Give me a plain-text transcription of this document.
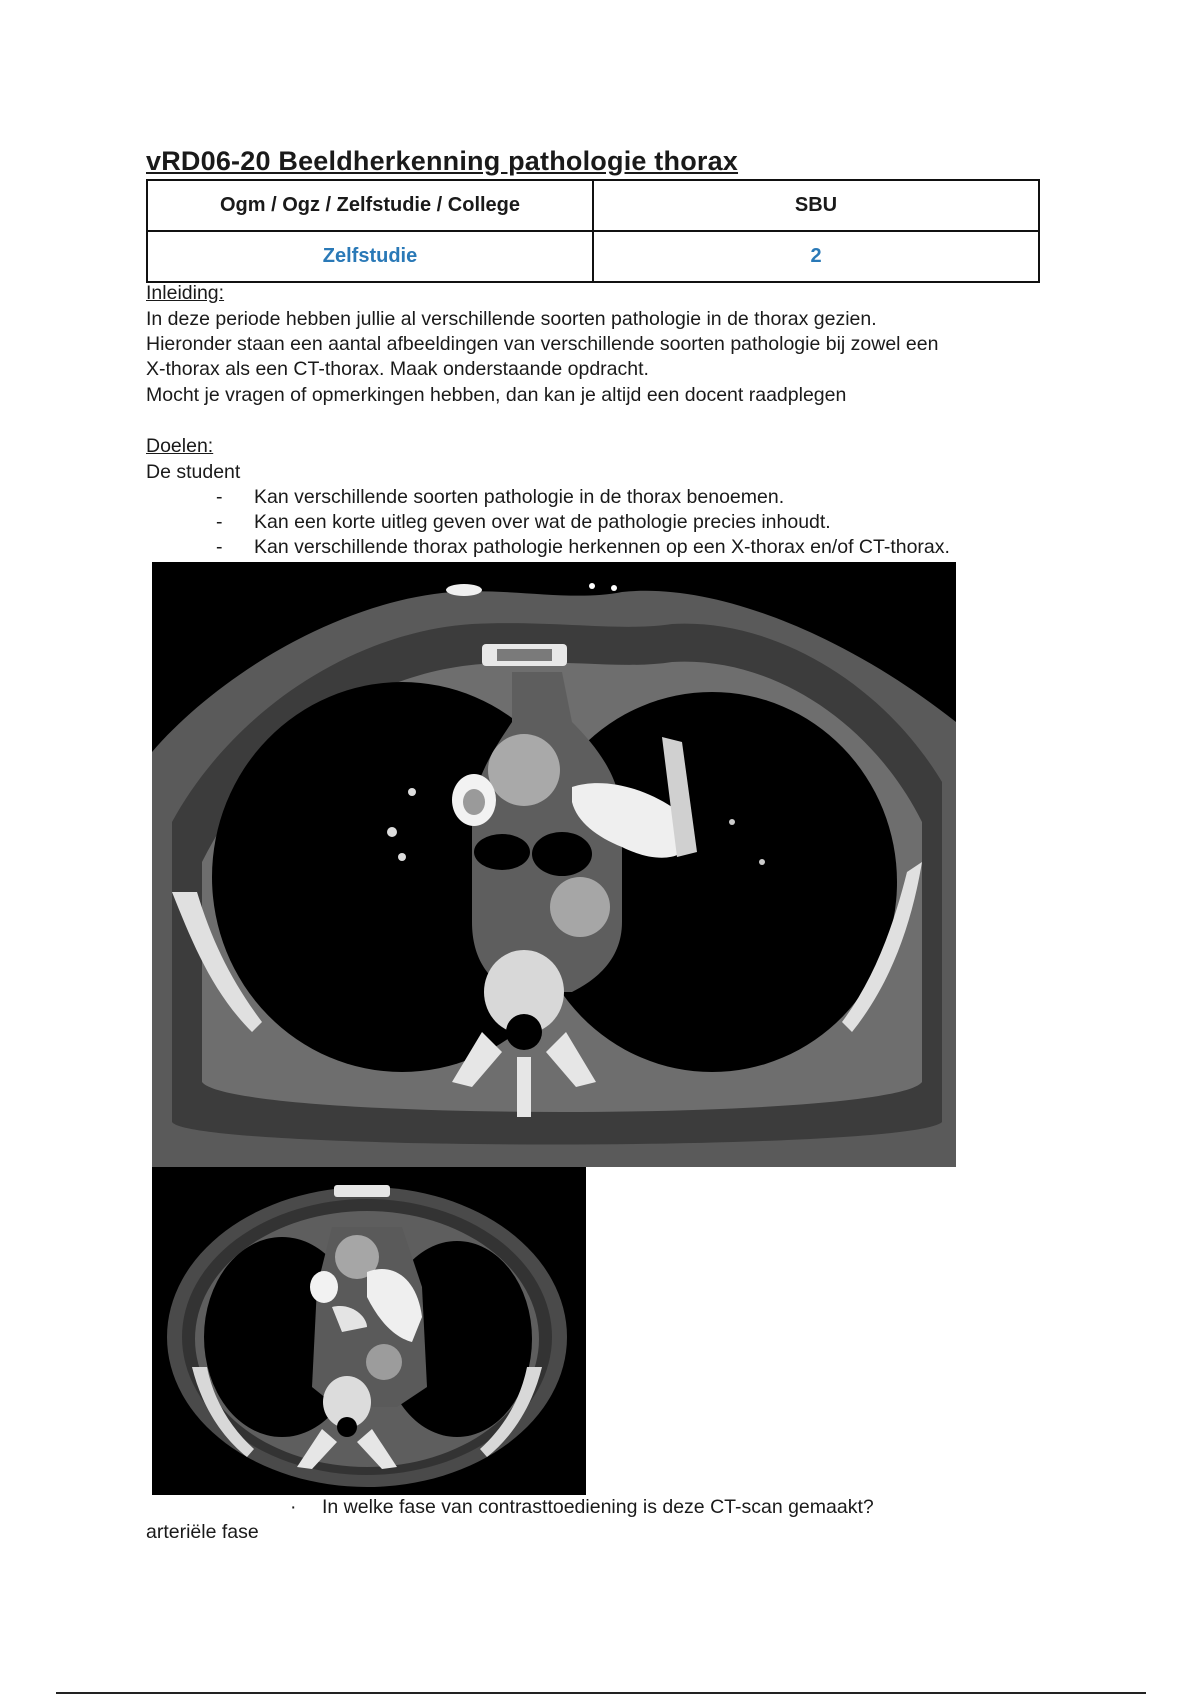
vRD06-20 Beeldherkenning pathologie thorax
Ogm / Ogz / Zelfstudie / College	SBU
Zelfstudie	2
Inleiding:
In deze periode hebben jullie al verschillende soorten pathologie in de thorax gezien.
Hieronder staan een aantal afbeeldingen van verschillende soorten pathologie bij zowel een
X-thorax als een CT-thorax. Maak onderstaande opdracht.
Mocht je vragen of opmerkingen hebben, dan kan je altijd een docent raadplegen
Doelen:
De student
- Kan verschillende soorten pathologie in de thorax benoemen.
- Kan een korte uitleg geven over wat de pathologie precies inhoudt.
- Kan verschillende thorax pathologie herkennen op een X-thorax en/of CT-thorax.
· In welke fase van contrasttoediening is deze CT-scan gemaakt?
arteriële fase
